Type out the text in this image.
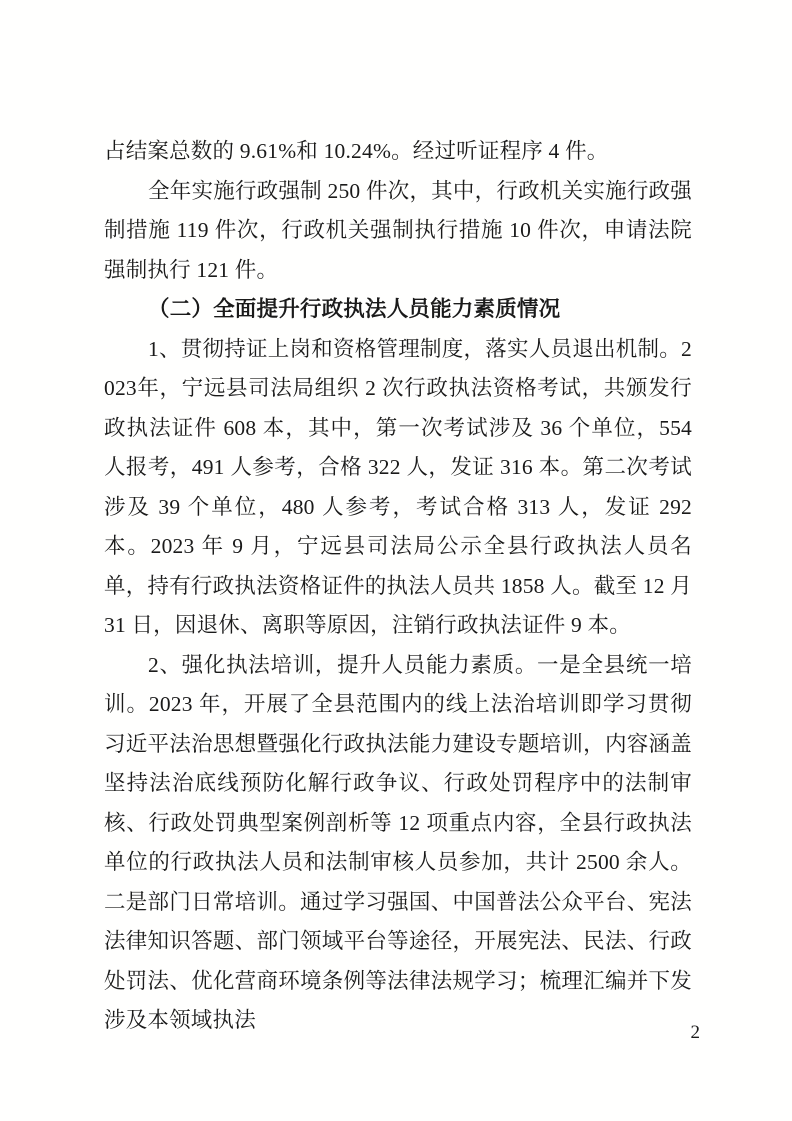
占结案总数的 9.61%和 10.24%。经过听证程序 4 件。

全年实施行政强制 250 件次，其中，行政机关实施行政强制措施 119 件次，行政机关强制执行措施 10 件次，申请法院强制执行 121 件。

（二）全面提升行政执法人员能力素质情况

1、贯彻持证上岗和资格管理制度，落实人员退出机制。2023年，宁远县司法局组织 2 次行政执法资格考试，共颁发行政执法证件 608 本，其中，第一次考试涉及 36 个单位，554 人报考，491 人参考，合格 322 人，发证 316 本。第二次考试涉及 39 个单位，480 人参考，考试合格 313 人，发证 292 本。2023 年 9 月，宁远县司法局公示全县行政执法人员名单，持有行政执法资格证件的执法人员共 1858 人。截至 12 月 31 日，因退休、离职等原因，注销行政执法证件 9 本。

2、强化执法培训，提升人员能力素质。一是全县统一培训。2023 年，开展了全县范围内的线上法治培训即学习贯彻习近平法治思想暨强化行政执法能力建设专题培训，内容涵盖坚持法治底线预防化解行政争议、行政处罚程序中的法制审核、行政处罚典型案例剖析等 12 项重点内容，全县行政执法单位的行政执法人员和法制审核人员参加，共计 2500 余人。二是部门日常培训。通过学习强国、中国普法公众平台、宪法法律知识答题、部门领域平台等途径，开展宪法、民法、行政处罚法、优化营商环境条例等法律法规学习；梳理汇编并下发涉及本领域执法

2
